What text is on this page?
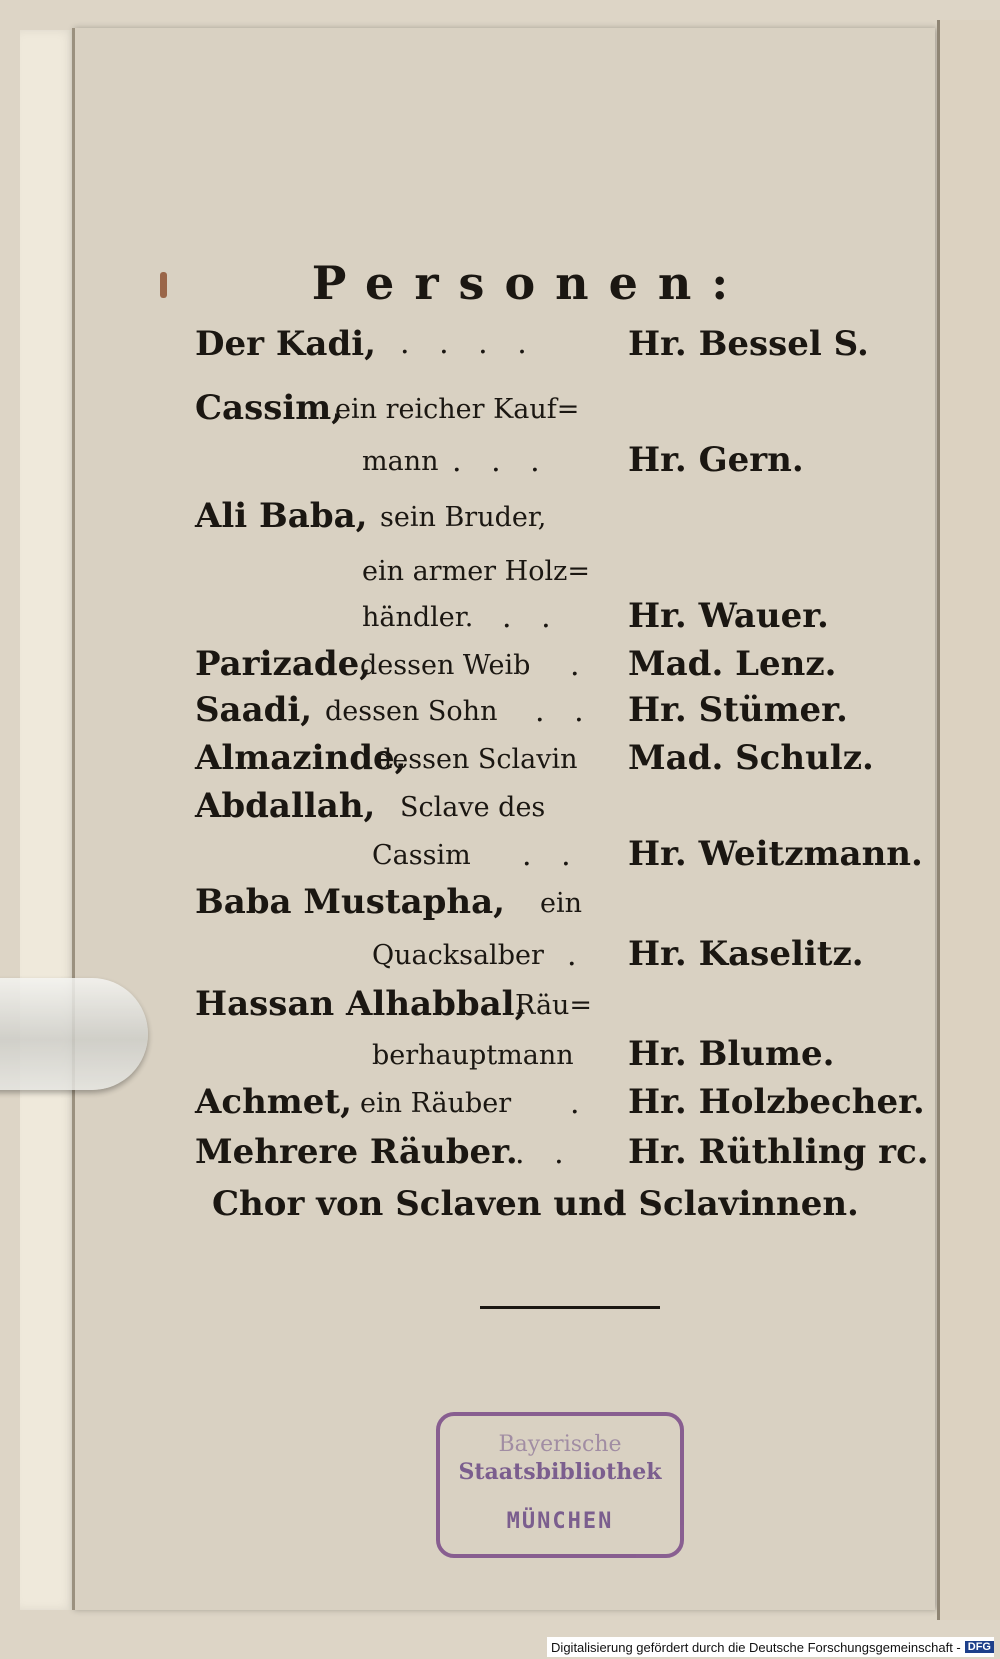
Personen:
Der Kadi, . . . .	Hr. Bessel S.
Cassim,
ein reicher Kauf=
mann . . . Hr. Gern.
Ali Baba, sein Bruder,
ein armer Holz=
händler. . . Hr. Wauer.
Parizade,
dessen Weib . Mad. Lenz.
Saadi, dessen Sohn . . Hr. Stümer.
Almazinde,
dessen Sclavin Mad. Schulz.
Abdallah, Sclave des
Cassim . . Hr. Weitzmann.
Baba Mustapha, ein
Quacksalber . Hr. Kaselitz.
Hassan Alhabbal,
Räu=
berhauptmann Hr. Blume.
Achmet, ein Räuber . Hr. Holzbecher.
Mehrere Räuber.
. . Hr. Rüthling rc.
Chor von Sclaven und Sclavinnen.
Bayerische
Staatsbibliothek
MÜNCHEN
Digitalisierung gefördert durch die Deutsche Forschungsgemeinschaft - DFG
